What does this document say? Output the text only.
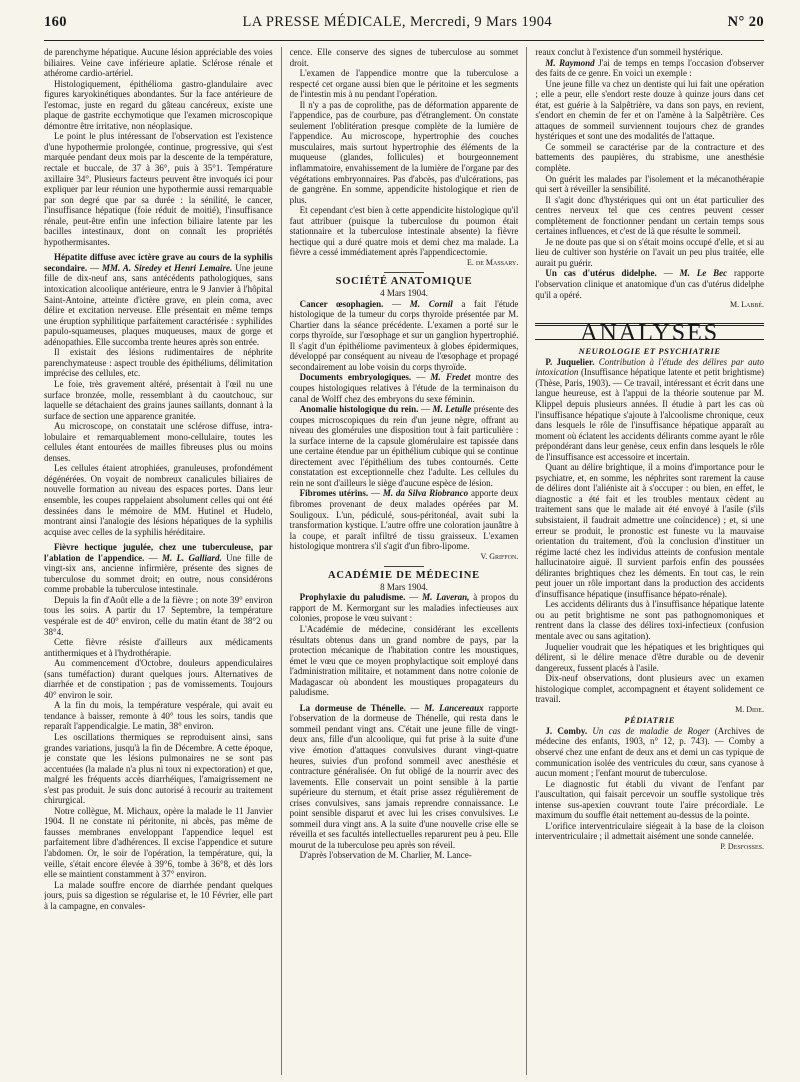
160	LA PRESSE MÉDICALE, Mercredi, 9 Mars 1904	N° 20

de parenchyme hépatique. Aucune lésion appréciable des voies biliaires. Veine cave inférieure aplatie. Sclérose rénale et athérome cardio-artériel.

Histologiquement, épithélioma gastro-glandulaire avec figures karyokinétiques abondantes. Sur la face antérieure de l'estomac, juste en regard du gâteau cancéreux, existe une plaque de gastrite ecchymotique que l'examen microscopique démontre être irritative, non néoplasique.

Le point le plus intéressant de l'observation est l'existence d'une hypothermie prolongée, continue, progressive, qui s'est marquée pendant deux mois par la descente de la température, rectale et buccale, de 37 à 36°, puis à 35°1. Température axillaire 34°. Plusieurs facteurs peuvent être invoqués ici pour expliquer par leur réunion une hypothermie aussi remarquable par son degré que par sa durée : la sénilité, le cancer, l'insuffisance hépatique (foie réduit de moitié), l'insuffisance rénale, peut-être enfin une infection biliaire latente par les bacilles intestinaux, dont on connaît les propriétés hypothermisantes.

Hépatite diffuse avec ictère grave au cours de la syphilis secondaire. — MM. A. Siredey et Henri Lemaire. Une jeune fille de dix-neuf ans, sans antécédents pathologiques, sans intoxication alcoolique antérieure, entra le 9 Janvier à l'hôpital Saint-Antoine, atteinte d'ictère grave, en plein coma, avec délire et excitation nerveuse. Elle présentait en même temps une éruption syphilitique parfaitement caractérisée : syphilides papulo-squameuses, plaques muqueuses, maux de gorge et adénopathies. Elle succomba trente heures après son entrée.

Il existait des lésions rudimentaires de néphrite parenchymateuse : aspect trouble des épithéliums, délimitation imprécise des cellules, etc.

Le foie, très gravement altéré, présentait à l'œil nu une surface bronzée, molle, ressemblant à du caoutchouc, sur laquelle se détachaient des grains jaunes saillants, donnant à la surface de section une apparence granitée.

Au microscope, on constatait une sclérose diffuse, intra-lobulaire et remarquablement mono-cellulaire, toutes les cellules étant entourées de mailles fibreuses plus ou moins denses.

Les cellules étaient atrophiées, granuleuses, profondément dégénérées. On voyait de nombreux canalicules biliaires de nouvelle formation au niveau des espaces portes. Dans leur ensemble, les coupes rappelaient absolument celles qui ont été dessinées dans le mémoire de MM. Hutinel et Hudelo, montrant ainsi l'analogie des lésions hépatiques de la syphilis acquise avec celles de la syphilis héréditaire.

Fièvre hectique jugulée, chez une tuberculeuse, par l'ablation de l'appendice. — M. L. Galliard. Une fille de vingt-six ans, ancienne infirmière, présente des signes de tuberculose du sommet droit; en outre, nous considérons comme probable la tuberculose intestinale.

Depuis la fin d'Août elle a de la fièvre ; on note 39° environ tous les soirs. A partir du 17 Septembre, la température vespérale est de 40° environ, celle du matin étant de 38°2 ou 38°4.

Cette fièvre résiste d'ailleurs aux médicaments antithermiques et à l'hydrothérapie.

Au commencement d'Octobre, douleurs appendiculaires (sans tuméfaction) durant quelques jours. Alternatives de diarrhée et de constipation ; pas de vomissements. Toujours 40° environ le soir.

A la fin du mois, la température vespérale, qui avait eu tendance à baisser, remonte à 40° tous les soirs, tandis que reparaît l'appendicalgie. Le matin, 38° environ.

Les oscillations thermiques se reproduisent ainsi, sans grandes variations, jusqu'à la fin de Décembre. A cette époque, je constate que les lésions pulmonaires ne se sont pas accentuées (la malade n'a plus ni toux ni expectoration) et que, malgré les fréquents accès diarrhéiques, l'amaigrissement ne s'est pas produit. Je suis donc autorisé à recourir au traitement chirurgical.

Notre collègue, M. Michaux, opère la malade le 11 Janvier 1904. Il ne constate ni péritonite, ni abcès, pas même de fausses membranes enveloppant l'appendice lequel est parfaitement libre d'adhérences. Il excise l'appendice et suture l'abdomen. Or, le soir de l'opération, la température, qui, la veille, s'était encore élevée à 39°6, tombe à 36°8, et dès lors elle se maintient constamment à 37° environ.

La malade souffre encore de diarrhée pendant quelques jours, puis sa digestion se régularise et, le 10 Février, elle part à la campagne, en convales-

cence. Elle conserve des signes de tuberculose au sommet droit.

L'examen de l'appendice montre que la tuberculose a respecté cet organe aussi bien que le péritoine et les segments de l'intestin mis à nu pendant l'opération.

Il n'y a pas de coprolithe, pas de déformation apparente de l'appendice, pas de courbure, pas d'étranglement. On constate seulement l'oblitération presque complète de la lumière de l'appendice. Au microscope, hypertrophie des couches musculaires, mais surtout hypertrophie des éléments de la muqueuse (glandes, follicules) et bourgeonnement inflammatoire, envahissement de la lumière de l'organe par des végétations embryonnaires. Pas d'abcès, pas d'ulcérations, pas de gangrène. En somme, appendicite histologique et rien de plus.

Et cependant c'est bien à cette appendicite histologique qu'il faut attribuer (puisque la tuberculose du poumon était stationnaire et la tuberculose intestinale absente) la fièvre hectique qui a duré quatre mois et demi chez ma malade. La fièvre a cessé immédiatement après l'appendicectomie.

E. de Massary.

SOCIÉTÉ ANATOMIQUE

4 Mars 1904.

Cancer œsophagien. — M. Cornil a fait l'étude histologique de la tumeur du corps thyroïde présentée par M. Chartier dans la séance précédente. L'examen a porté sur le corps thyroïde, sur l'œsophage et sur un ganglion hypertrophié. Il s'agit d'un épithéliome pavimenteux à globes épidermiques, développé par conséquent au niveau de l'œsophage et propagé secondairement au lobe voisin du corps thyroïde.

Documents embryologiques. — M. Fredet montre des coupes histologiques relatives à l'étude de la terminaison du canal de Wolff chez des embryons du sexe féminin.

Anomalie histologique du rein. — M. Letulle présente des coupes microscopiques du rein d'un jeune nègre, offrant au niveau des glomérules une disposition tout à fait particulière : la surface interne de la capsule glomérulaire est tapissée dans une certaine étendue par un épithélium cubique qui se continue directement avec l'épithélium des tubes contournés. Cette constatation est exceptionnelle chez l'adulte. Les cellules du rein ne sont d'ailleurs le siège d'aucune espèce de lésion.

Fibromes utérins. — M. da Silva Riobranco apporte deux fibromes provenant de deux malades opérées par M. Souligoux. L'un, pédiculé, sous-péritonéal, avait subi la transformation kystique. L'autre offre une coloration jaunâtre à la coupe, et paraît infiltré de tissu graisseux. L'examen histologique montrera s'il s'agit d'un fibro-lipome.

V. Griffon.

ACADÉMIE DE MÉDECINE

8 Mars 1904.

Prophylaxie du paludisme. — M. Laveran, à propos du rapport de M. Kermorgant sur les maladies infectieuses aux colonies, propose le vœu suivant :

L'Académie de médecine, considérant les excellents résultats obtenus dans un grand nombre de pays, par la protection mécanique de l'habitation contre les moustiques, émet le vœu que ce moyen prophylactique soit employé dans l'administration militaire, et notamment dans notre colonie de Madagascar où abondent les moustiques propagateurs du paludisme.

La dormeuse de Thénelle. — M. Lancereaux rapporte l'observation de la dormeuse de Thénelle, qui resta dans le sommeil pendant vingt ans. C'était une jeune fille de vingt-deux ans, fille d'un alcoolique, qui fut prise à la suite d'une vive émotion d'attaques convulsives durant vingt-quatre heures, suivies d'un profond sommeil avec anesthésie et contracture généralisée. On fut obligé de la nourrir avec des lavements. Elle conservait un point sensible à la partie supérieure du sternum, et était prise assez régulièrement de crises convulsives, sans jamais reprendre connaissance. Le point sensible disparut et avec lui les crises convulsives. Le sommeil dura vingt ans. A la suite d'une nouvelle crise elle se réveilla et ses facultés intellectuelles reparurent peu à peu. Elle mourut de la tuberculose peu après son réveil.

D'après l'observation de M. Charlier, M. Lance-

reaux conclut à l'existence d'un sommeil hystérique.

M. Raymond J'ai de temps en temps l'occasion d'observer des faits de ce genre. En voici un exemple :

Une jeune fille va chez un dentiste qui lui fait une opération ; elle a peur, elle s'endort reste douze à quinze jours dans cet état, est guérie à la Salpêtrière, va dans son pays, en revient, s'endort en chemin de fer et on l'amène à la Salpêtrière. Ces attaques de sommeil surviennent toujours chez de grandes hystériques et sont une des modalités de l'attaque.

Ce sommeil se caractérise par de la contracture et des battements des paupières, du strabisme, une anesthésie complète.

On guérit les malades par l'isolement et la mécanothérapie qui sert à réveiller la sensibilité.

Il s'agit donc d'hystériques qui ont un état particulier des centres nerveux tel que ces centres peuvent cesser complètement de fonctionner pendant un certain temps sous certaines influences, et c'est de là que résulte le sommeil.

Je ne doute pas que si on s'était moins occupé d'elle, et si au lieu de cultiver son hystérie on l'avait un peu plus traitée, elle aurait pu guérir.

Un cas d'utérus didelphe. — M. Le Bec rapporte l'observation clinique et anatomique d'un cas d'utérus didelphe qu'il a opéré.

M. Labbé.

ANALYSES

NEUROLOGIE ET PSYCHIATRIE

P. Juquelier. Contribution à l'étude des délires par auto intoxication (Insuffisance hépatique latente et petit brightisme) (Thèse, Paris, 1903). — Ce travail, intéressant et écrit dans une langue heureuse, est à l'appui de la théorie soutenue par M. Klippel depuis plusieurs années. Il étudie à part les cas où l'insuffisance hépatique s'ajoute à l'alcoolisme chronique, ceux dans lesquels le rôle de l'insuffisance hépatique apparaît au moment où éclatent les accidents délirants comme ayant le rôle prépondérant dans leur genèse, ceux enfin dans lesquels le rôle de l'insuffisance est accessoire et incertain.

Quant au délire brightique, il a moins d'importance pour le psychiatre, et, en somme, les néphrites sont rarement la cause de délires dont l'aliéniste ait à s'occuper : ou bien, en effet, le diagnostic a été fait et les troubles mentaux cèdent au traitement sans que le malade ait été envoyé à l'asile (s'ils subsistaient, il faudrait admettre une coïncidence) ; et, si une erreur se produit, le pronostic est funeste vu la mauvaise orientation du traitement, d'où la conclusion d'instituer un régime lacté chez les individus atteints de confusion mentale hallucinatoire aiguë. Il survient parfois enfin des poussées délirantes brightiques chez les déments. En tout cas, le rein peut jouer un rôle important dans la production des accidents d'insuffisance hépatique (insuffisance hépato-rénale).

Les accidents délirants dus à l'insuffisance hépatique latente ou au petit brightisme ne sont pas pathognomoniques et rentrent dans la classe des délires toxi-infectieux (confusion mentale avec ou sans agitation).

Juquelier voudrait que les hépatiques et les brightiques qui délirent, si le délire menace d'être durable ou de devenir dangereux, fussent placés à l'asile.

Dix-neuf observations, dont plusieurs avec un examen histologique complet, accompagnent et étayent solidement ce travail.

M. Dide.

PÉDIATRIE

J. Comby. Un cas de maladie de Roger (Archives de médecine des enfants, 1903, n° 12, p. 743). — Comby a observé chez une enfant de deux ans et demi un cas typique de communication isolée des ventricules du cœur, sans cyanose à aucun moment ; l'enfant mourut de tuberculose.

Le diagnostic fut établi du vivant de l'enfant par l'auscultation, qui faisait percevoir un souffle systolique très intense sus-apexien couvrant toute l'aire précordiale. Le maximum du souffle était nettement au-dessus de la pointe.

L'orifice interventriculaire siégeait à la base de la cloison interventriculaire ; il admettait aisément une sonde cannelée.

P. Desfosses.
